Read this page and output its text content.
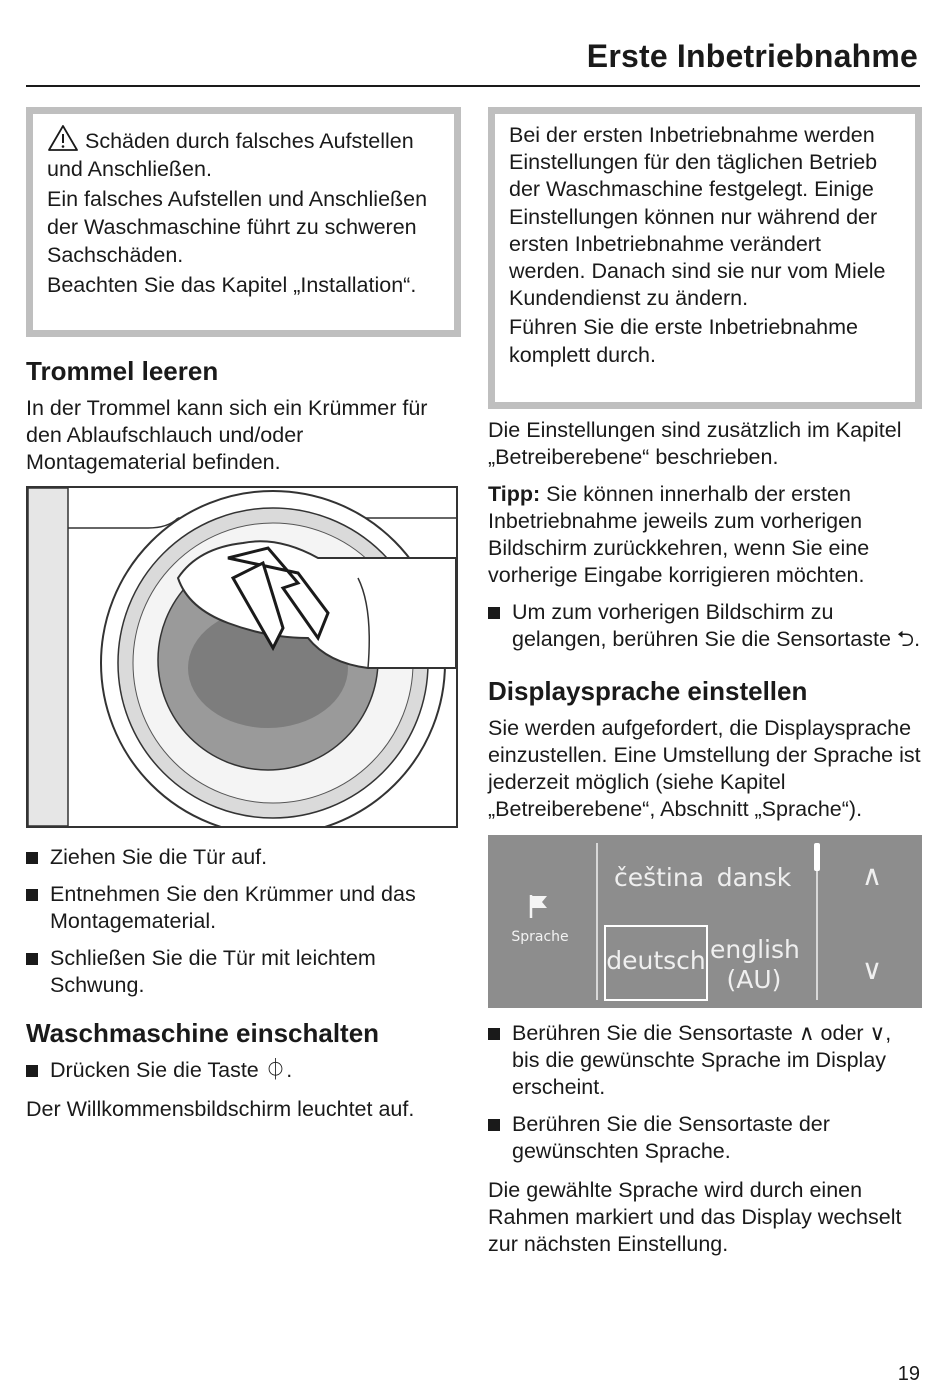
Erste Inbetriebnahme

Schäden durch falsches Aufstellen und Anschließen.

Ein falsches Aufstellen und Anschließen der Waschmaschine führt zu schweren Sachschäden.

Beachten Sie das Kapitel „Installation“.

Trommel leeren

In der Trommel kann sich ein Krümmer für den Ablaufschlauch und/oder Montagematerial befinden.

Ziehen Sie die Tür auf.
Entnehmen Sie den Krümmer und das Montagematerial.
Schließen Sie die Tür mit leichtem Schwung.
Waschmaschine einschalten
Drücken Sie die Taste ⏀.

Der Willkommensbildschirm leuchtet auf.

Bei der ersten Inbetriebnahme werden Einstellungen für den täglichen Betrieb der Waschmaschine festgelegt. Einige Einstellungen können nur während der ersten Inbetriebnahme verändert werden. Danach sind sie nur vom Miele Kundendienst zu ändern.

Führen Sie die erste Inbetriebnahme komplett durch.

Die Einstellungen sind zusätzlich im Kapitel „Betreiberebene“ beschrieben.

Tipp: Sie können innerhalb der ersten Inbetriebnahme jeweils zum vorherigen Bildschirm zurückkehren, wenn Sie eine vorherige Eingabe korrigieren möchten.

Um zum vorherigen Bildschirm zu gelangen, berühren Sie die Sensortaste ⮌.
Displaysprache einstellen

Sie werden aufgefordert, die Displaysprache einzustellen. Eine Umstellung der Sprache ist jederzeit möglich (siehe Kapitel „Betreiberebene“, Abschnitt „Sprache“).

Sprache
čeština dansk
deutsch english
(AU)
∧
∨
Berühren Sie die Sensortaste ∧ oder ∨, bis die gewünschte Sprache im Display erscheint.
Berühren Sie die Sensortaste der gewünschten Sprache.

Die gewählte Sprache wird durch einen Rahmen markiert und das Display wechselt zur nächsten Einstellung.

19
